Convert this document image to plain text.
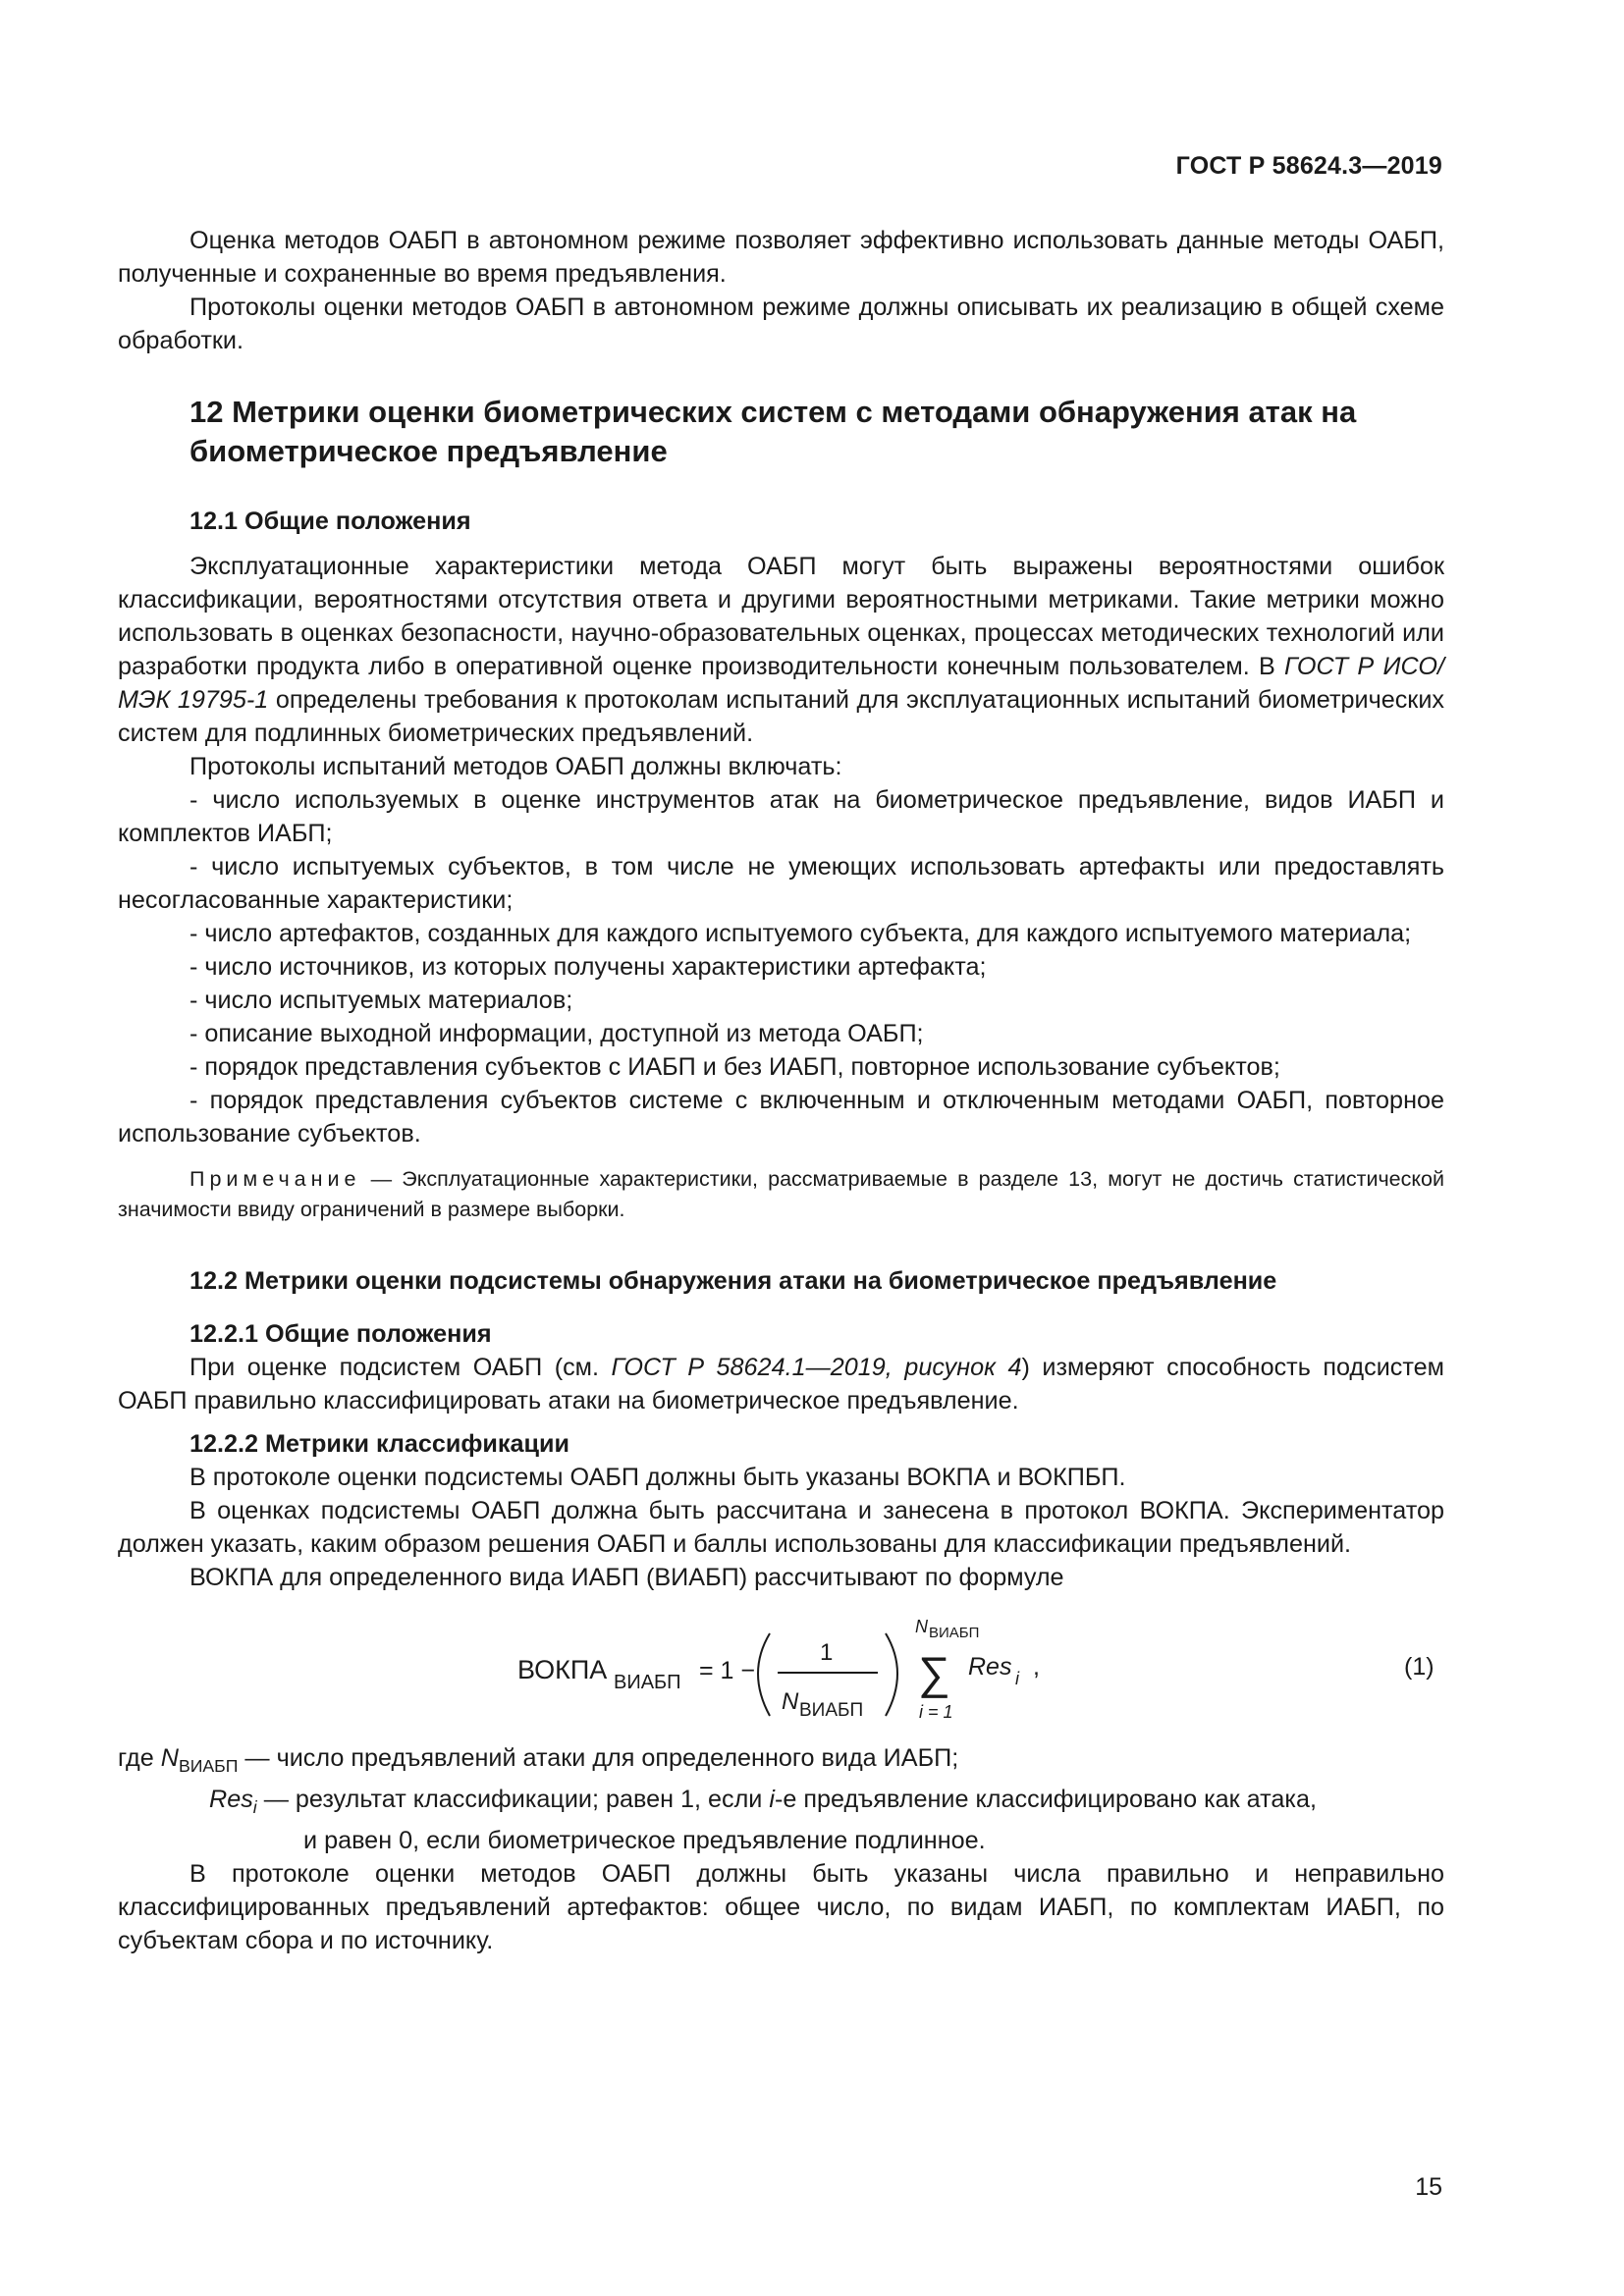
ГОСТ Р 58624.3—2019

Оценка методов ОАБП в автономном режиме позволяет эффективно использовать данные методы ОАБП, полученные и сохраненные во время предъявления.

Протоколы оценки методов ОАБП в автономном режиме должны описывать их реализацию в общей схеме обработки.

12 Метрики оценки биометрических систем с методами обнаружения атак на биометрическое предъявление
12.1 Общие положения

Эксплуатационные характеристики метода ОАБП могут быть выражены вероятностями ошибок классификации, вероятностями отсутствия ответа и другими вероятностными метриками. Такие метрики можно использовать в оценках безопасности, научно-образовательных оценках, процессах методических технологий или разработки продукта либо в оперативной оценке производительности конечным пользователем. В ГОСТ Р ИСО/МЭК 19795-1 определены требования к протоколам испытаний для эксплуатационных испытаний биометрических систем для подлинных биометрических предъявлений.

Протоколы испытаний методов ОАБП должны включать:

- число используемых в оценке инструментов атак на биометрическое предъявление, видов ИАБП и комплектов ИАБП;

- число испытуемых субъектов, в том числе не умеющих использовать артефакты или предоставлять несогласованные характеристики;

- число артефактов, созданных для каждого испытуемого субъекта, для каждого испытуемого материала;

- число источников, из которых получены характеристики артефакта;

- число испытуемых материалов;

- описание выходной информации, доступной из метода ОАБП;

- порядок представления субъектов с ИАБП и без ИАБП, повторное использование субъектов;

- порядок представления субъектов системе с включенным и отключенным методами ОАБП, повторное использование субъектов.

Примечание — Эксплуатационные характеристики, рассматриваемые в разделе 13, могут не достичь статистической значимости ввиду ограничений в размере выборки.

12.2 Метрики оценки подсистемы обнаружения атаки на биометрическое предъявление
12.2.1 Общие положения

При оценке подсистем ОАБП (см. ГОСТ Р 58624.1—2019, рисунок 4) измеряют способность подсистем ОАБП правильно классифицировать атаки на биометрическое предъявление.

12.2.2 Метрики классификации

В протоколе оценки подсистемы ОАБП должны быть указаны ВОКПА и ВОКПБП.

В оценках подсистемы ОАБП должна быть рассчитана и занесена в протокол ВОКПА. Экспериментатор должен указать, каким образом решения ОАБП и баллы использованы для классификации предъявлений.

ВОКПА для определенного вида ИАБП (ВИАБП) рассчитывают по формуле

ВОКПА ВИАБП = 1 −
1
N ВИАБП
N ВИАБП
∑
i = 1
Res i ,	(1)

где $N_{ВИАБП}$ — число предъявлений атаки для определенного вида ИАБП;

Res$_i$ — результат классификации; равен 1, если i-е предъявление классифицировано как атака,

и равен 0, если биометрическое предъявление подлинное.

В протоколе оценки методов ОАБП должны быть указаны числа правильно и неправильно классифицированных предъявлений артефактов: общее число, по видам ИАБП, по комплектам ИАБП, по субъектам сбора и по источнику.

15
